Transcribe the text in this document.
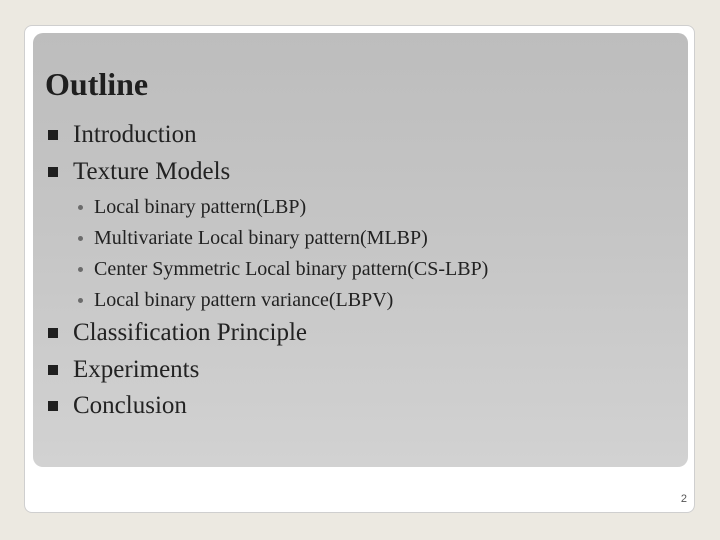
Outline
Introduction
Texture Models
Local binary pattern(LBP)
Multivariate Local binary pattern(MLBP)
Center Symmetric Local binary pattern(CS-LBP)
Local binary pattern variance(LBPV)
Classification Principle
Experiments
Conclusion
2
